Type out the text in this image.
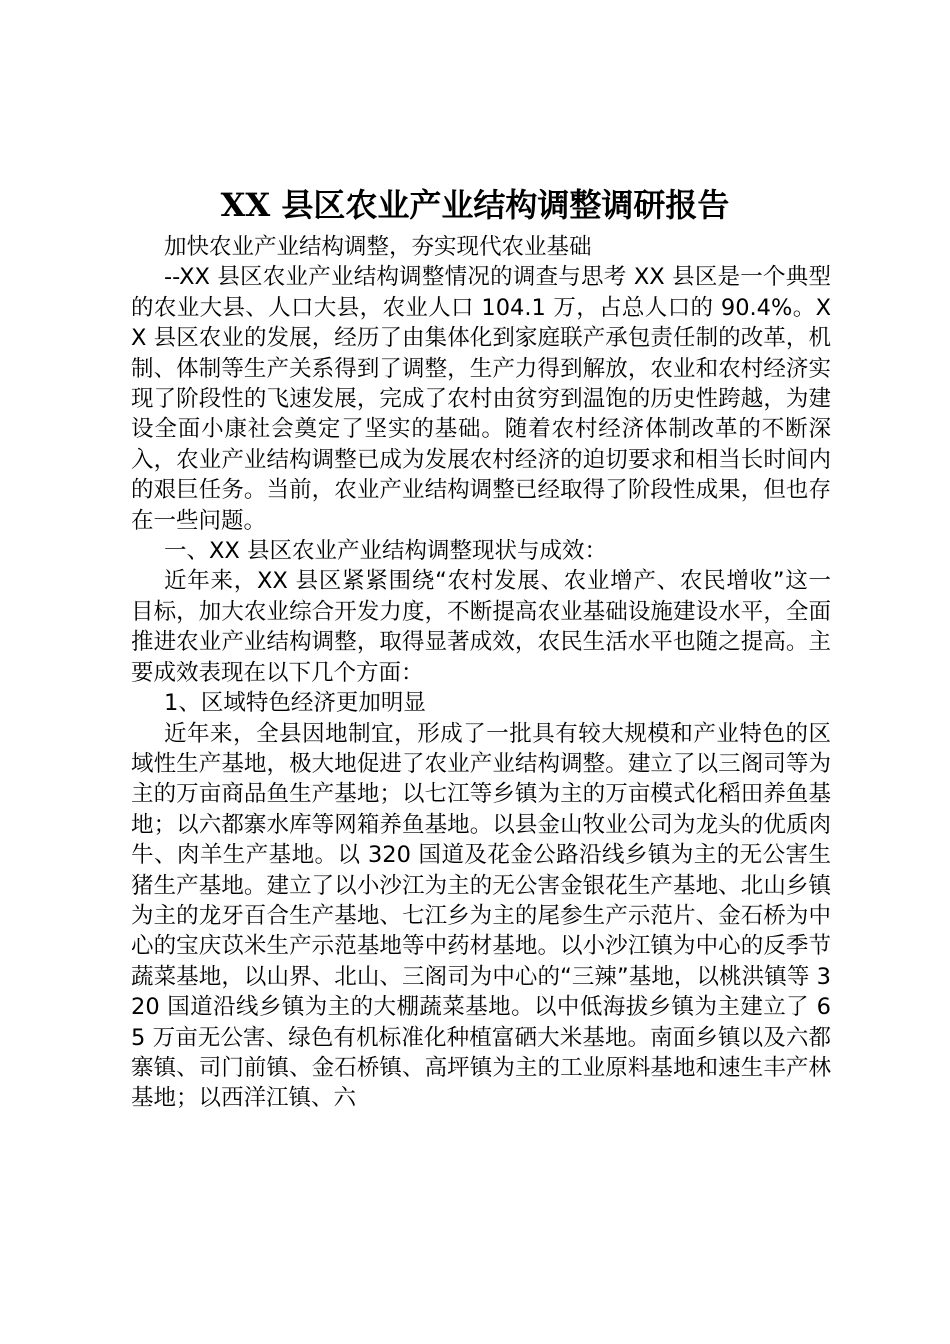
XX 县区农业产业结构调整调研报告

加快农业产业结构调整，夯实现代农业基础

--XX 县区农业产业结构调整情况的调查与思考 XX 县区是一个典型的农业大县、人口大县，农业人口 104.1 万，占总人口的 90.4%。XX 县区农业的发展，经历了由集体化到家庭联产承包责任制的改革，机制、体制等生产关系得到了调整，生产力得到解放，农业和农村经济实现了阶段性的飞速发展，完成了农村由贫穷到温饱的历史性跨越，为建设全面小康社会奠定了坚实的基础。随着农村经济体制改革的不断深入，农业产业结构调整已成为发展农村经济的迫切要求和相当长时间内的艰巨任务。当前，农业产业结构调整已经取得了阶段性成果，但也存在一些问题。

一、XX 县区农业产业结构调整现状与成效：

近年来，XX 县区紧紧围绕“农村发展、农业增产、农民增收”这一目标，加大农业综合开发力度，不断提高农业基础设施建设水平，全面推进农业产业结构调整，取得显著成效，农民生活水平也随之提高。主要成效表现在以下几个方面：

1、区域特色经济更加明显

近年来，全县因地制宜，形成了一批具有较大规模和产业特色的区域性生产基地，极大地促进了农业产业结构调整。建立了以三阁司等为主的万亩商品鱼生产基地；以七江等乡镇为主的万亩模式化稻田养鱼基地；以六都寨水库等网箱养鱼基地。以县金山牧业公司为龙头的优质肉牛、肉羊生产基地。以 320 国道及花金公路沿线乡镇为主的无公害生猪生产基地。建立了以小沙江为主的无公害金银花生产基地、北山乡镇为主的龙牙百合生产基地、七江乡为主的尾参生产示范片、金石桥为中心的宝庆苡米生产示范基地等中药材基地。以小沙江镇为中心的反季节蔬菜基地，以山界、北山、三阁司为中心的“三辣”基地，以桃洪镇等 320 国道沿线乡镇为主的大棚蔬菜基地。以中低海拔乡镇为主建立了 65 万亩无公害、绿色有机标准化种植富硒大米基地。南面乡镇以及六都寨镇、司门前镇、金石桥镇、高坪镇为主的工业原料基地和速生丰产林基地；以西洋江镇、六
